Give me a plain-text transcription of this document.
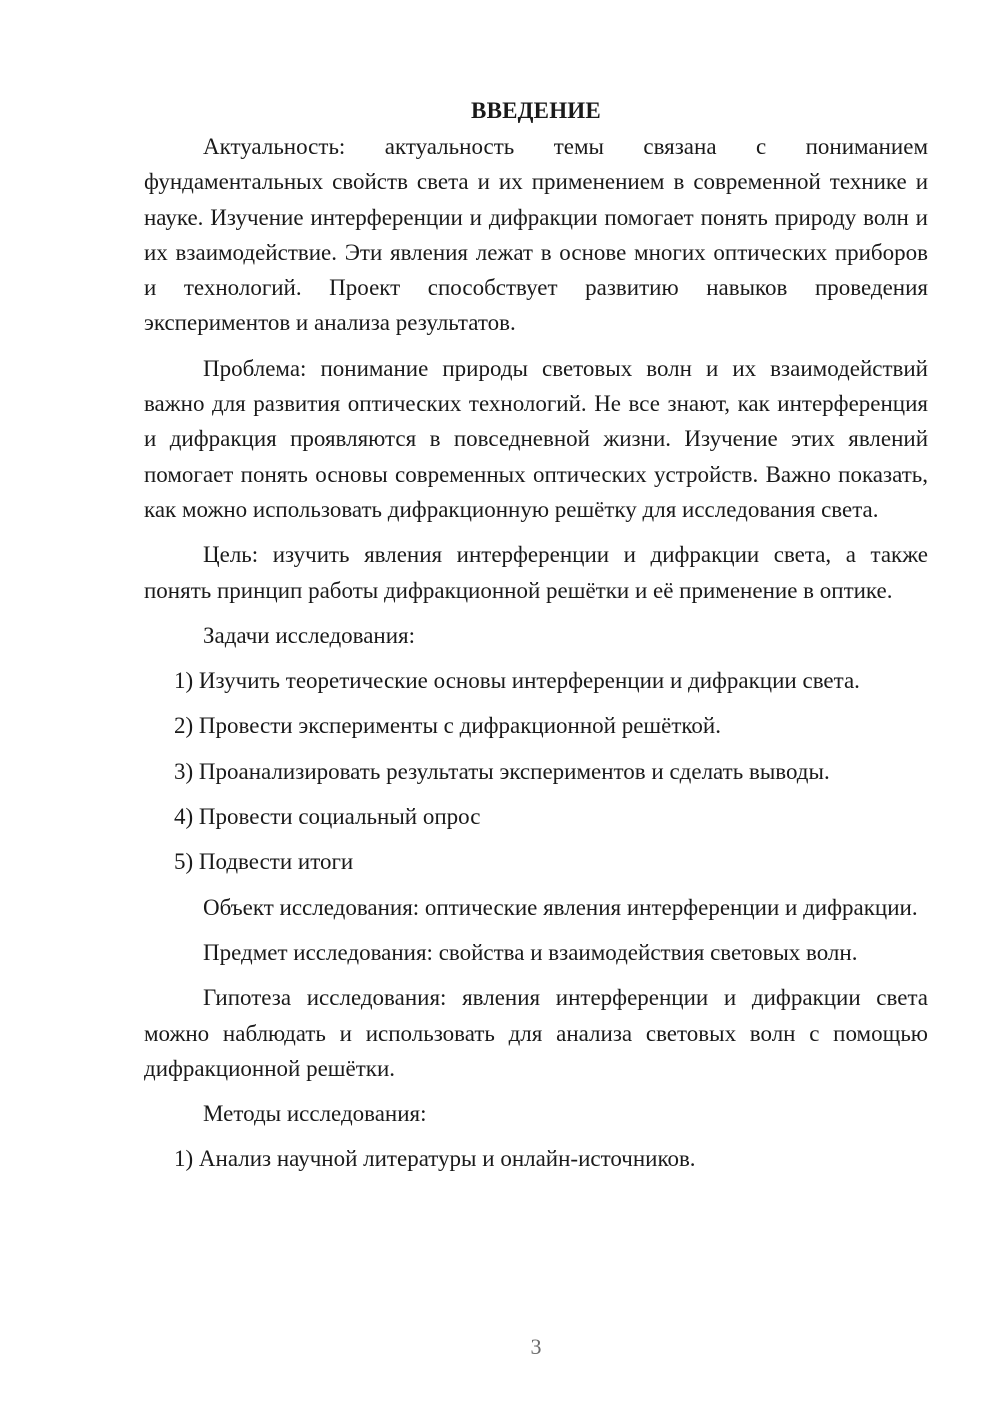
ВВЕДЕНИЕ

Актуальность: актуальность темы связана с пониманием фундаментальных свойств света и их применением в современной технике и науке. Изучение интерференции и дифракции помогает понять природу волн и их взаимодействие. Эти явления лежат в основе многих оптических приборов и технологий. Проект способствует развитию навыков проведения экспериментов и анализа результатов.

Проблема: понимание природы световых волн и их взаимодействий важно для развития оптических технологий. Не все знают, как интерференция и дифракция проявляются в повседневной жизни. Изучение этих явлений помогает понять основы современных оптических устройств. Важно показать, как можно использовать дифракционную решётку для исследования света.

Цель: изучить явления интерференции и дифракции света, а также понять принцип работы дифракционной решётки и её применение в оптике.

Задачи исследования:

1) Изучить теоретические основы интерференции и дифракции света.

2) Провести эксперименты с дифракционной решёткой.

3) Проанализировать результаты экспериментов и сделать выводы.

4) Провести социальный опрос

5) Подвести итоги

Объект исследования: оптические явления интерференции и дифракции.

Предмет исследования: свойства и взаимодействия световых волн.

Гипотеза исследования: явления интерференции и дифракции света можно наблюдать и использовать для анализа световых волн с помощью дифракционной решётки.

Методы исследования:

1) Анализ научной литературы и онлайн-источников.

3
